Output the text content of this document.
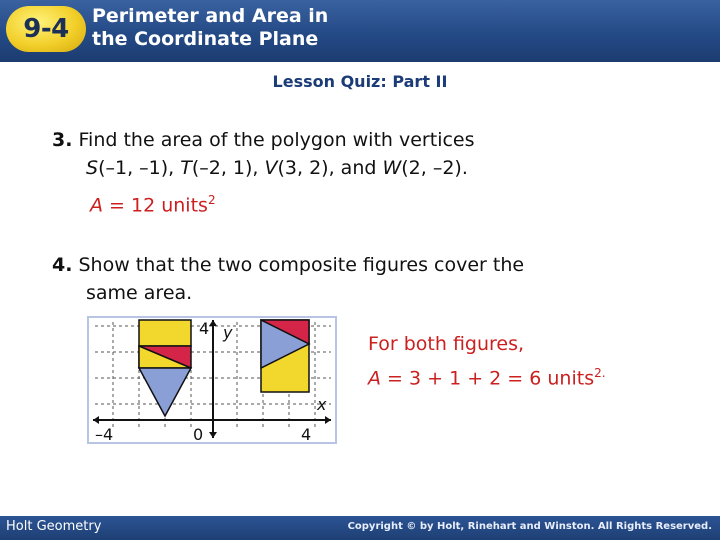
9-4 Perimeter and Area in
the Coordinate Plane
Lesson Quiz: Part II
3. Find the area of the polygon with vertices
S(–1, –1), T(–2, 1), V(3, 2), and W(2, –2).
A = 12 units$^2$
4. Show that the two composite figures cover the
same area.
y
4
x
–4	0	4
For both figures,
A = 3 + 1 + 2 = 6 units$^{2.}$
Holt Geometry	Copyright © by Holt, Rinehart and Winston. All Rights Reserved.
